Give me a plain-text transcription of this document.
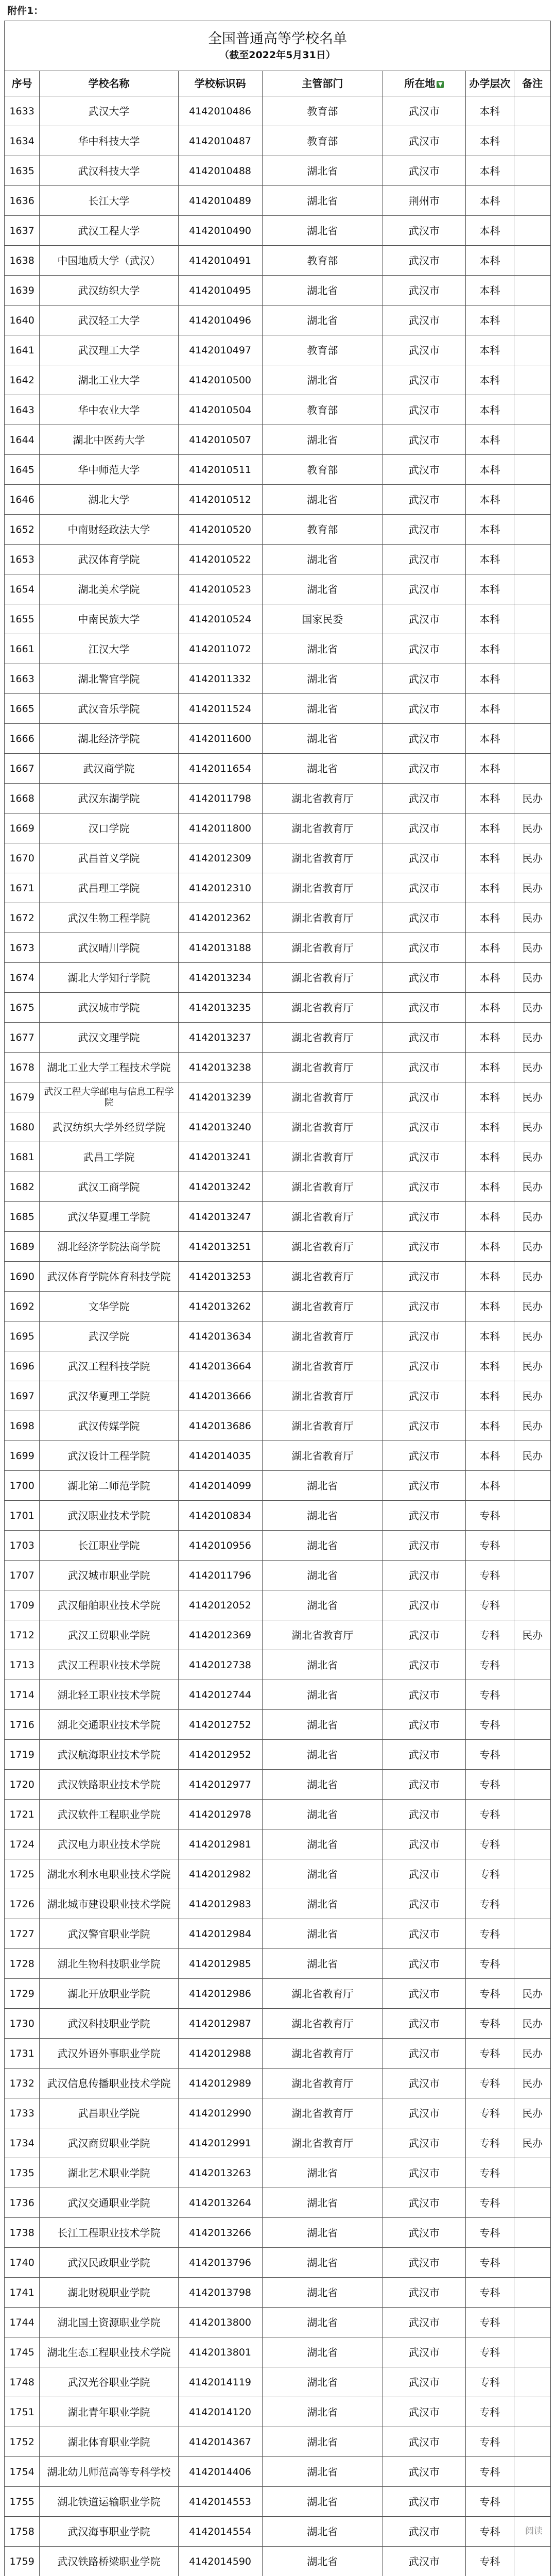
附件1：
全国普通高等学校名单
（截至2022年5月31日）						

序号	学校名称	学校标识码	主管部门	所在地 ▼	办学层次	备注
1633	武汉大学	4142010486	教育部	武汉市	本科	
1634	华中科技大学	4142010487	教育部	武汉市	本科	
1635	武汉科技大学	4142010488	湖北省	武汉市	本科	
1636	长江大学	4142010489	湖北省	荆州市	本科	
1637	武汉工程大学	4142010490	湖北省	武汉市	本科	
1638	中国地质大学（武汉）	4142010491	教育部	武汉市	本科	
1639	武汉纺织大学	4142010495	湖北省	武汉市	本科	
1640	武汉轻工大学	4142010496	湖北省	武汉市	本科	
1641	武汉理工大学	4142010497	教育部	武汉市	本科	
1642	湖北工业大学	4142010500	湖北省	武汉市	本科	
1643	华中农业大学	4142010504	教育部	武汉市	本科	
1644	湖北中医药大学	4142010507	湖北省	武汉市	本科	
1645	华中师范大学	4142010511	教育部	武汉市	本科	
1646	湖北大学	4142010512	湖北省	武汉市	本科	
1652	中南财经政法大学	4142010520	教育部	武汉市	本科	
1653	武汉体育学院	4142010522	湖北省	武汉市	本科	
1654	湖北美术学院	4142010523	湖北省	武汉市	本科	
1655	中南民族大学	4142010524	国家民委	武汉市	本科	
1661	江汉大学	4142011072	湖北省	武汉市	本科	
1663	湖北警官学院	4142011332	湖北省	武汉市	本科	
1665	武汉音乐学院	4142011524	湖北省	武汉市	本科	
1666	湖北经济学院	4142011600	湖北省	武汉市	本科	
1667	武汉商学院	4142011654	湖北省	武汉市	本科	
1668	武汉东湖学院	4142011798	湖北省教育厅	武汉市	本科	民办
1669	汉口学院	4142011800	湖北省教育厅	武汉市	本科	民办
1670	武昌首义学院	4142012309	湖北省教育厅	武汉市	本科	民办
1671	武昌理工学院	4142012310	湖北省教育厅	武汉市	本科	民办
1672	武汉生物工程学院	4142012362	湖北省教育厅	武汉市	本科	民办
1673	武汉晴川学院	4142013188	湖北省教育厅	武汉市	本科	民办
1674	湖北大学知行学院	4142013234	湖北省教育厅	武汉市	本科	民办
1675	武汉城市学院	4142013235	湖北省教育厅	武汉市	本科	民办
1677	武汉文理学院	4142013237	湖北省教育厅	武汉市	本科	民办
1678	湖北工业大学工程技术学院	4142013238	湖北省教育厅	武汉市	本科	民办
1679	武汉工程大学邮电与信息工程学院	4142013239	湖北省教育厅	武汉市	本科	民办
1680	武汉纺织大学外经贸学院	4142013240	湖北省教育厅	武汉市	本科	民办
1681	武昌工学院	4142013241	湖北省教育厅	武汉市	本科	民办
1682	武汉工商学院	4142013242	湖北省教育厅	武汉市	本科	民办
1685	武汉华夏理工学院	4142013247	湖北省教育厅	武汉市	本科	民办
1689	湖北经济学院法商学院	4142013251	湖北省教育厅	武汉市	本科	民办
1690	武汉体育学院体育科技学院	4142013253	湖北省教育厅	武汉市	本科	民办
1692	文华学院	4142013262	湖北省教育厅	武汉市	本科	民办
1695	武汉学院	4142013634	湖北省教育厅	武汉市	本科	民办
1696	武汉工程科技学院	4142013664	湖北省教育厅	武汉市	本科	民办
1697	武汉华夏理工学院	4142013666	湖北省教育厅	武汉市	本科	民办
1698	武汉传媒学院	4142013686	湖北省教育厅	武汉市	本科	民办
1699	武汉设计工程学院	4142014035	湖北省教育厅	武汉市	本科	民办
1700	湖北第二师范学院	4142014099	湖北省	武汉市	本科	
1701	武汉职业技术学院	4142010834	湖北省	武汉市	专科	
1703	长江职业学院	4142010956	湖北省	武汉市	专科	
1707	武汉城市职业学院	4142011796	湖北省	武汉市	专科	
1709	武汉船舶职业技术学院	4142012052	湖北省	武汉市	专科	
1712	武汉工贸职业学院	4142012369	湖北省教育厅	武汉市	专科	民办
1713	武汉工程职业技术学院	4142012738	湖北省	武汉市	专科	
1714	湖北轻工职业技术学院	4142012744	湖北省	武汉市	专科	
1716	湖北交通职业技术学院	4142012752	湖北省	武汉市	专科	
1719	武汉航海职业技术学院	4142012952	湖北省	武汉市	专科	
1720	武汉铁路职业技术学院	4142012977	湖北省	武汉市	专科	
1721	武汉软件工程职业学院	4142012978	湖北省	武汉市	专科	
1724	武汉电力职业技术学院	4142012981	湖北省	武汉市	专科	
1725	湖北水利水电职业技术学院	4142012982	湖北省	武汉市	专科	
1726	湖北城市建设职业技术学院	4142012983	湖北省	武汉市	专科	
1727	武汉警官职业学院	4142012984	湖北省	武汉市	专科	
1728	湖北生物科技职业学院	4142012985	湖北省	武汉市	专科	
1729	湖北开放职业学院	4142012986	湖北省教育厅	武汉市	专科	民办
1730	武汉科技职业学院	4142012987	湖北省教育厅	武汉市	专科	民办
1731	武汉外语外事职业学院	4142012988	湖北省教育厅	武汉市	专科	民办
1732	武汉信息传播职业技术学院	4142012989	湖北省教育厅	武汉市	专科	民办
1733	武昌职业学院	4142012990	湖北省教育厅	武汉市	专科	民办
1734	武汉商贸职业学院	4142012991	湖北省教育厅	武汉市	专科	民办
1735	湖北艺术职业学院	4142013263	湖北省	武汉市	专科	
1736	武汉交通职业学院	4142013264	湖北省	武汉市	专科	
1738	长江工程职业技术学院	4142013266	湖北省	武汉市	专科	
1740	武汉民政职业学院	4142013796	湖北省	武汉市	专科	
1741	湖北财税职业学院	4142013798	湖北省	武汉市	专科	
1744	湖北国土资源职业学院	4142013800	湖北省	武汉市	专科	
1745	湖北生态工程职业技术学院	4142013801	湖北省	武汉市	专科	
1748	武汉光谷职业学院	4142014119	湖北省	武汉市	专科	
1751	湖北青年职业学院	4142014120	湖北省	武汉市	专科	
1752	湖北体育职业学院	4142014367	湖北省	武汉市	专科	
1754	湖北幼儿师范高等专科学校	4142014406	湖北省	武汉市	专科	
1755	湖北铁道运输职业学院	4142014553	湖北省	武汉市	专科	
1758	武汉海事职业学院	4142014554	湖北省	武汉市	专科	
1759	武汉铁路桥梁职业学院	4142014590	湖北省	武汉市	专科	

阅读
